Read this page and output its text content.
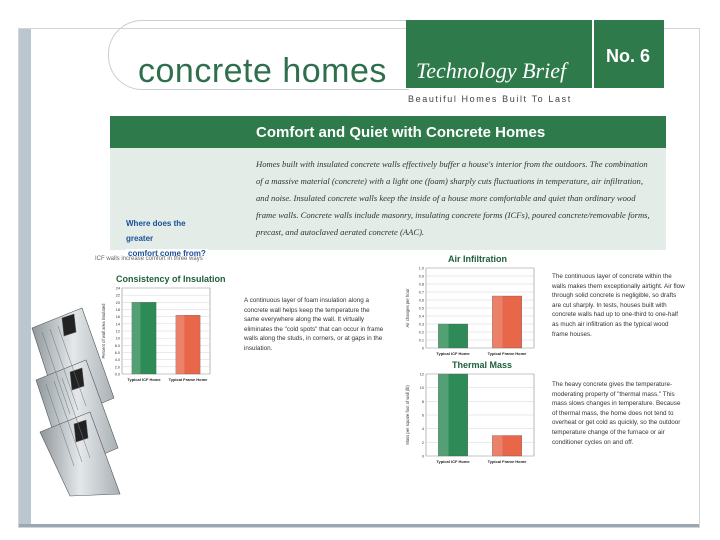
concrete homes Technology Brief
No. 6
Beautiful Homes Built To Last
Comfort and Quiet with Concrete Homes
Homes built with insulated concrete walls effectively buffer a house's interior from the outdoors. The combination of a massive material (concrete) with a light one (foam) sharply cuts fluctuations in temperature, air infiltration, and noise. Insulated concrete walls keep the inside of a house more comfortable and quiet than ordinary wood frame walls. Concrete walls include masonry, insulating concrete forms (ICFs), poured concrete/removable forms, precast, and autoclaved aerated concrete (AAC).
Where does the greater
comfort come from?
ICF walls increase comfort in three ways
Consistency of Insulation
0.0
2.0
4.0
6.0
8.0
10
12
14
16
18
20
22
24
Percent of wall area insulated
Typical ICF Home Typical Frame Home
A continuous layer of foam insulation along a concrete wall helps keep the temperature the same everywhere along the wall. It virtually eliminates the "cold spots" that can occur in frame walls along the studs, in corners, or at gaps in the insulation.
Air Infiltration
0
0.1
0.2
0.3
0.4
0.5
0.6
0.7
0.8
0.9
1.0
Air changes per hour
Typical ICF Home	Typical Frame Home
The continuous layer of concrete within the walls makes them exceptionally airtight. Air flow through solid concrete is negligible, so drafts are cut sharply. In tests, houses built with concrete walls had up to one-third to one-half as much air infiltration as the typical wood frame houses.
Thermal Mass
0
2
4
6
8
10
12
Mass per square foot of wall (lb)
Typical ICF Home	Typical Frame Home
The heavy concrete gives the temperature-moderating property of "thermal mass." This mass slows changes in temperature. Because of thermal mass, the home does not tend to overheat or get cold as quickly, so the outdoor temperature change of the furnace or air conditioner cycles on and off.
